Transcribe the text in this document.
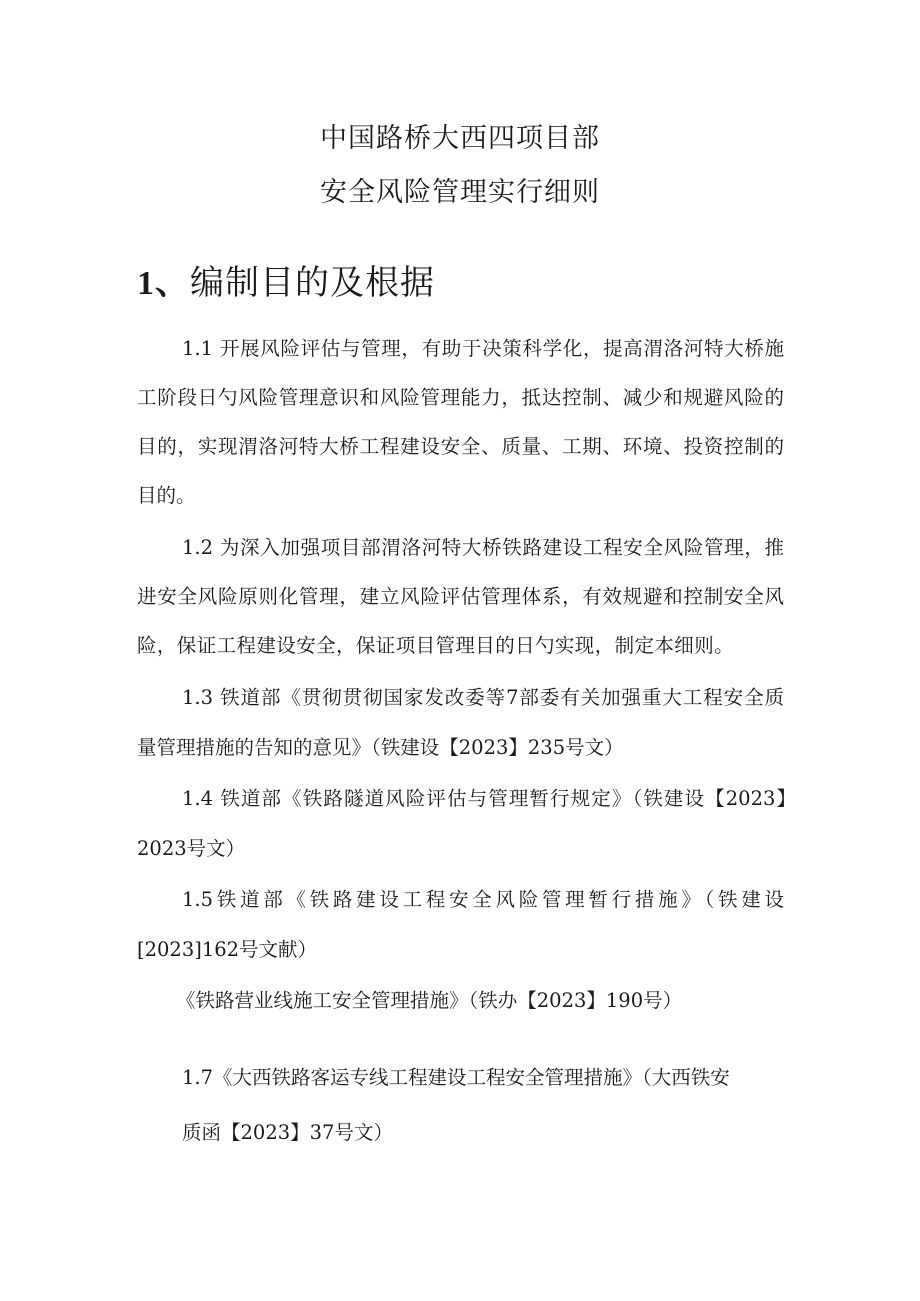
中国路桥大西四项目部
安全风险管理实行细则
1、编制目的及根据
1.1 开展风险评估与管理，有助于决策科学化，提高渭洛河特大桥施
工阶段日勺风险管理意识和风险管理能力，抵达控制、减少和规避风险的
目的，实现渭洛河特大桥工程建设安全、质量、工期、环境、投资控制的
目的。
1.2 为深入加强项目部渭洛河特大桥铁路建设工程安全风险管理，推
进安全风险原则化管理，建立风险评估管理体系，有效规避和控制安全风
险，保证工程建设安全，保证项目管理目的日勺实现，制定本细则。
1.3 铁道部《贯彻贯彻国家发改委等7部委有关加强重大工程安全质
量管理措施的告知的意见》（铁建设【2023】235号文）
1.4 铁道部《铁路隧道风险评估与管理暂行规定》（铁建设【2023】
2023号文）
1.5铁道部《铁路建设工程安全风险管理暂行措施》（铁建设
[2023]162号文献）
《铁路营业线施工安全管理措施》（铁办【2023】190号）
1.7《大西铁路客运专线工程建设工程安全管理措施》（大西铁安
质函【2023】37号文）
